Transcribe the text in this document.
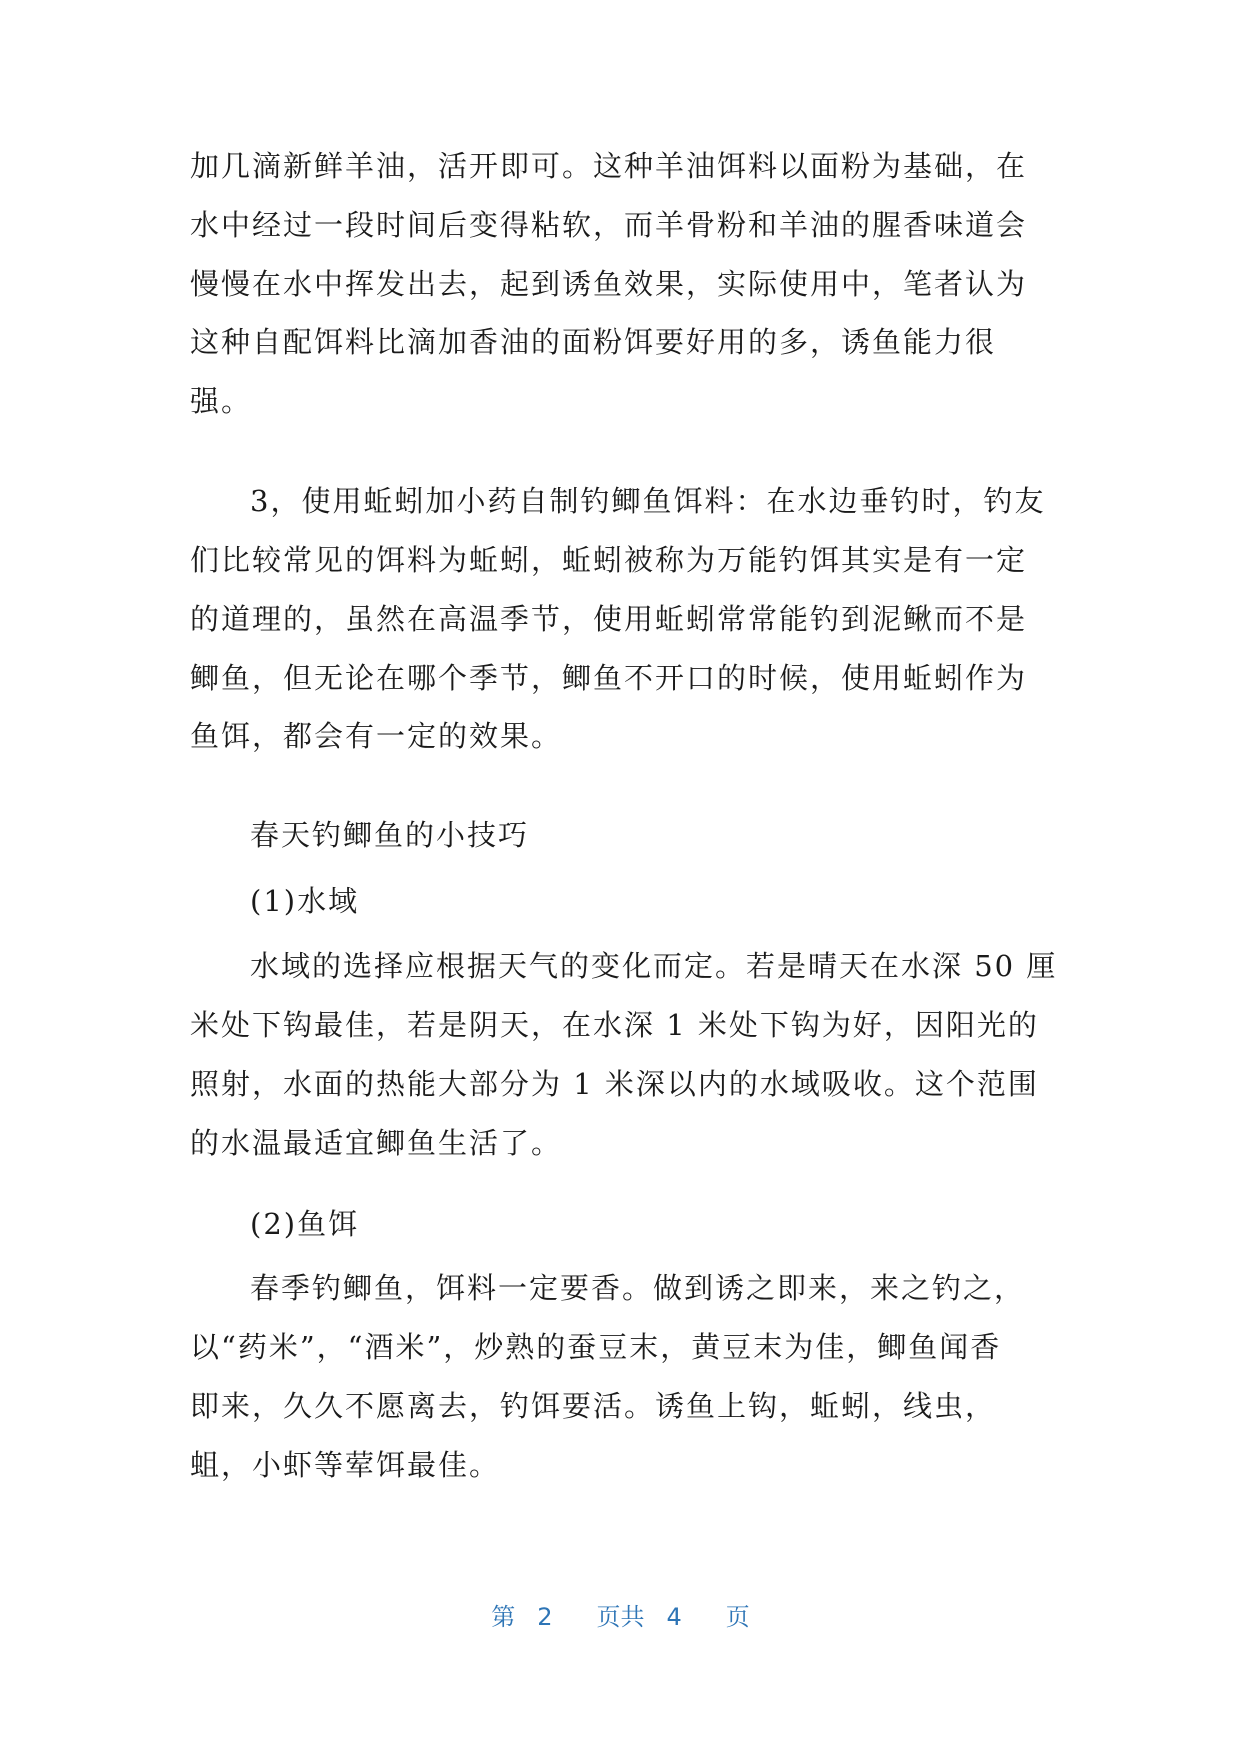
加几滴新鲜羊油，活开即可。这种羊油饵料以面粉为基础，在
水中经过一段时间后变得粘软，而羊骨粉和羊油的腥香味道会
慢慢在水中挥发出去，起到诱鱼效果，实际使用中，笔者认为
这种自配饵料比滴加香油的面粉饵要好用的多，诱鱼能力很
强。
3，使用蚯蚓加小药自制钓鲫鱼饵料：在水边垂钓时，钓友
们比较常见的饵料为蚯蚓，蚯蚓被称为万能钓饵其实是有一定
的道理的，虽然在高温季节，使用蚯蚓常常能钓到泥鳅而不是
鲫鱼，但无论在哪个季节，鲫鱼不开口的时候，使用蚯蚓作为
鱼饵，都会有一定的效果。
春天钓鲫鱼的小技巧
(1)水域
水域的选择应根据天气的变化而定。若是晴天在水深 50 厘
米处下钩最佳，若是阴天，在水深 1 米处下钩为好，因阳光的
照射，水面的热能大部分为 1 米深以内的水域吸收。这个范围
的水温最适宜鲫鱼生活了。
(2)鱼饵
春季钓鲫鱼，饵料一定要香。做到诱之即来，来之钓之，
以“药米”，“酒米”，炒熟的蚕豆末，黄豆末为佳，鲫鱼闻香
即来，久久不愿离去，钓饵要活。诱鱼上钩，蚯蚓，线虫，
蛆，小虾等荤饵最佳。
第 2 页共 4 页
